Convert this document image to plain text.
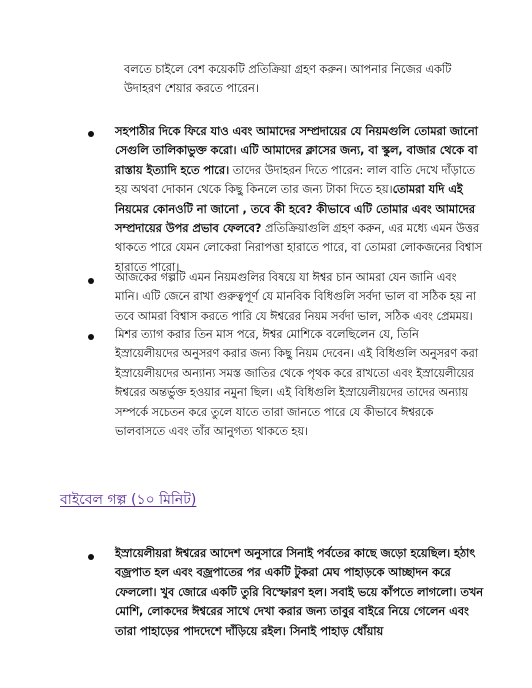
বলতে চাইলে বেশ কয়েকটি প্রতিক্রিয়া গ্রহণ করুন। আপনার নিজের একটি উদাহরণ শেয়ার করতে পারেন।

সহপাঠীর দিকে ফিরে যাও এবং আমাদের সম্প্রদায়ের যে নিয়মগুলি তোমরা জানো সেগুলি তালিকাভুক্ত করো। এটি আমাদের ক্লাসের জন্য, বা স্কুল, বাজার থেকে বা রাস্তায় ইত্যাদি হতে পারে। তাদের উদাহরন দিতে পারেন: লাল বাতি দেখে দাঁড়াতে হয় অথবা দোকান থেকে কিছু কিনলে তার জন্য টাকা দিতে হয়।তোমরা যদি এই নিয়মের কোনওটি না জানো , তবে কী হবে? কীভাবে এটি তোমার এবং আমাদের সম্প্রদায়ের উপর প্রভাব ফেলবে? প্রতিক্রিয়াগুলি গ্রহণ করুন, এর মধ্যে এমন উত্তর থাকতে পারে যেমন লোকেরা নিরাপত্তা হারাতে পারে, বা তোমরা লোকজনের বিশ্বাস হারাতে পারো।

আজকের গল্পটি এমন নিয়মগুলির বিষয়ে যা ঈশ্বর চান আমরা যেন জানি এবং মানি। এটি জেনে রাখা গুরুত্বপূর্ণ যে মানবিক বিধিগুলি সর্বদা ভাল বা সঠিক হয় না তবে আমরা বিশ্বাস করতে পারি যে ঈশ্বরের নিয়ম সর্বদা ভাল, সঠিক এবং প্রেমময়।

মিশর ত্যাগ করার তিন মাস পরে, ঈশ্বর মোশিকে বলেছিলেন যে, তিনি ইস্রায়েলীয়দের অনুসরণ করার জন্য কিছু নিয়ম দেবেন। এই বিধিগুলি অনুসরণ করা ইস্রায়েলীয়দের অন্যান্য সমস্ত জাতির থেকে পৃথক করে রাখতো এবং ইস্রায়েলীয়ের ঈশ্বরের অন্তর্ভুক্ত হওয়ার নমুনা ছিল। এই বিধিগুলি ইস্রায়েলীয়দের তাদের অন্যায় সম্পর্কে সচেতন করে তুলে যাতে তারা জানতে পারে যে কীভাবে ঈশ্বরকে ভালবাসতে এবং তাঁর আনুগত্য থাকতে হয়।

বাইবেল গল্প (১০ মিনিট)

ইস্রায়েলীয়রা ঈশ্বরের আদেশ অনুসারে সিনাই পর্বতের কাছে জড়ো হয়েছিল। হঠাৎ বজ্রপাত হল এবং বজ্রপাতের পর একটি টুকরা মেঘ পাহাড়কে আচ্ছাদন করে ফেললো। খুব জোরে একটি তুরি বিস্ফোরণ হল। সবাই ভয়ে কাঁপতে লাগলো। তখন মোশি, লোকদের ঈশ্বরের সাথে দেখা করার জন্য তাবুর বাইরে নিয়ে গেলেন এবং তারা পাহাড়ের পাদদেশে দাঁড়িয়ে রইল। সিনাই পাহাড় ধোঁয়ায়
